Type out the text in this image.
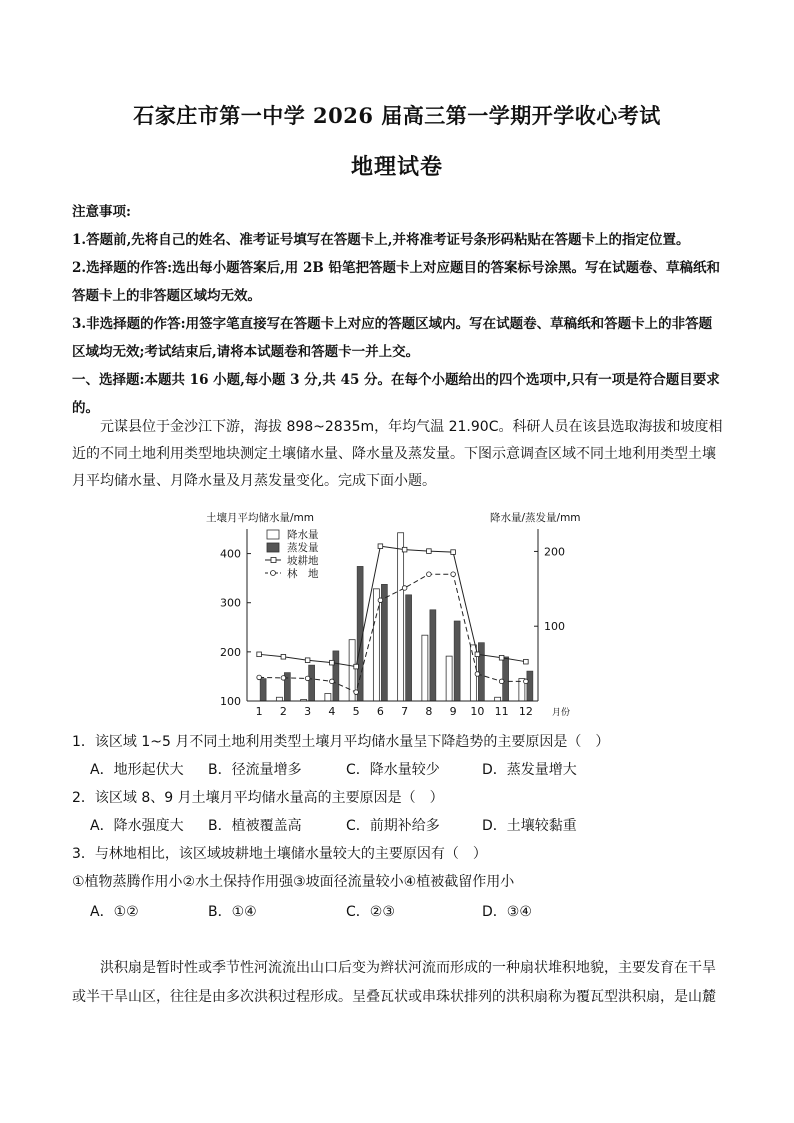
石家庄市第一中学 2026 届高三第一学期开学收心考试
地理试卷

注意事项:

1.答题前,先将自己的姓名、准考证号填写在答题卡上,并将准考证号条形码粘贴在答题卡上的指定位置。

2.选择题的作答:选出每小题答案后,用 2B 铅笔把答题卡上对应题目的答案标号涂黑。写在试题卷、草稿纸和答题卡上的非答题区域均无效。

3.非选择题的作答:用签字笔直接写在答题卡上对应的答题区域内。写在试题卷、草稿纸和答题卡上的非答题区域均无效;考试结束后,请将本试题卷和答题卡一并上交。

一、选择题:本题共 16 小题,每小题 3 分,共 45 分。在每个小题给出的四个选项中,只有一项是符合题目要求的。

元谋县位于金沙江下游，海拔 898~2835m，年均气温 21.90C。科研人员在该县选取海拔和坡度相近的不同土地利用类型地块测定土壤储水量、降水量及蒸发量。下图示意调查区域不同土地利用类型土壤月平均储水量、月降水量及月蒸发量变化。完成下面小题。

土壤月平均储水量/mm	降水量/蒸发量/mm
100
200
300
400
100
200
1 2 3 4 5 6 7 8 9 10 11 12 月份
降水量
蒸发量
坡耕地
林　地

1．该区域 1~5 月不同土地利用类型土壤月平均储水量呈下降趋势的主要原因是（　）

A．地形起伏大	B．径流量增多	C．降水量较少	D．蒸发量增大

2．该区域 8、9 月土壤月平均储水量高的主要原因是（　）

A．降水强度大	B．植被覆盖高	C．前期补给多	D．土壤较黏重

3．与林地相比，该区域坡耕地土壤储水量较大的主要原因有（　）

①植物蒸腾作用小②水土保持作用强③坡面径流量较小④植被截留作用小

A．①②	B．①④	C．②③	D．③④

洪积扇是暂时性或季节性河流流出山口后变为辫状河流而形成的一种扇状堆积地貌，主要发育在干旱或半干旱山区，往往是由多次洪积过程形成。呈叠瓦状或串珠状排列的洪积扇称为覆瓦型洪积扇，是山麓
